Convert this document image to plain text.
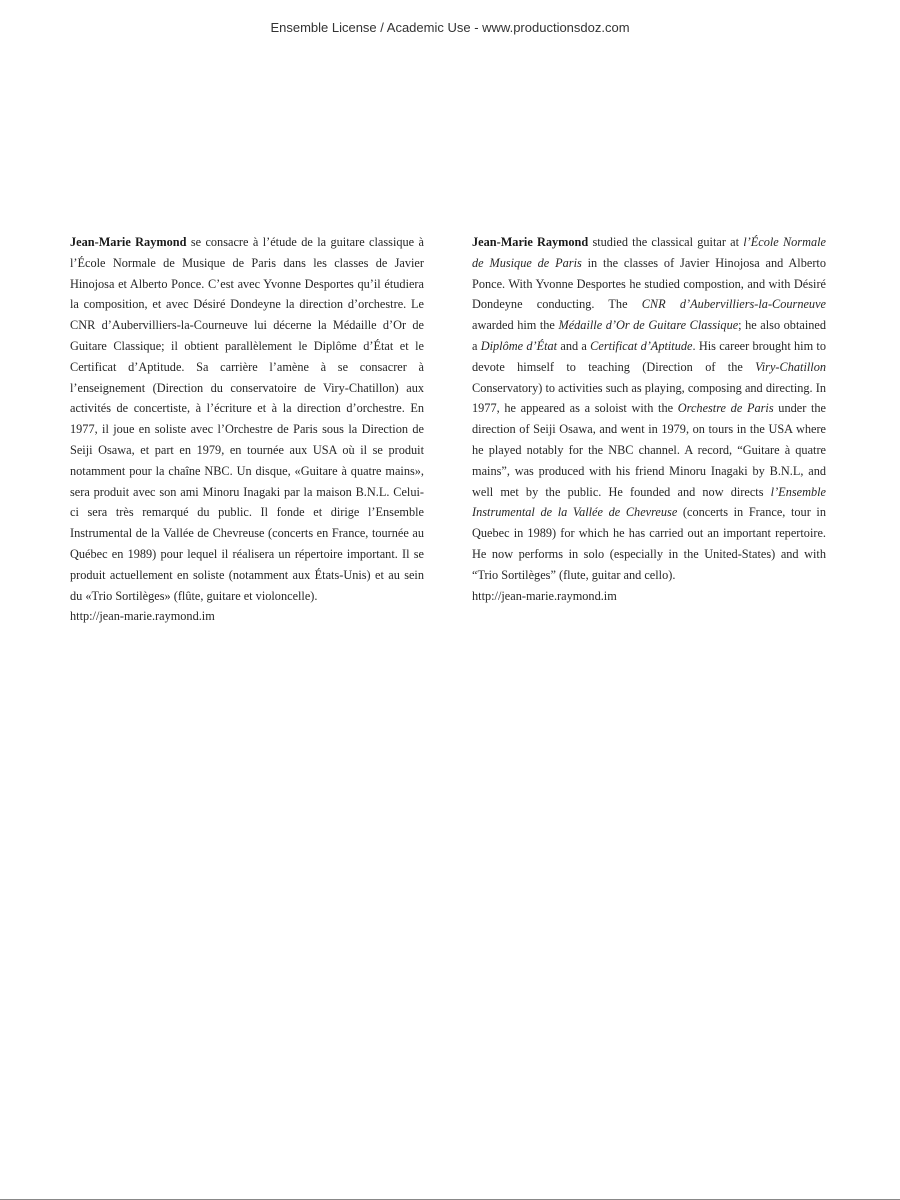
Ensemble License / Academic Use - www.productionsdoz.com

Jean-Marie Raymond se consacre à l’étude de la guitare classique à l’École Normale de Musique de Paris dans les classes de Javier Hinojosa et Alberto Ponce. C’est avec Yvonne Desportes qu’il étudiera la composition, et avec Désiré Dondeyne la direction d’orchestre. Le CNR d’Aubervilliers-la-Courneuve lui décerne la Médaille d’Or de Guitare Classique; il obtient parallèlement le Diplôme d’État et le Certificat d’Aptitude. Sa carrière l’amène à se consacrer à l’enseignement (Direction du conservatoire de Viry-Chatillon) aux activités de concertiste, à l’écriture et à la direction d’orchestre. En 1977, il joue en soliste avec l’Orchestre de Paris sous la Direction de Seiji Osawa, et part en 1979, en tournée aux USA où il se produit notamment pour la chaîne NBC. Un disque, «Guitare à quatre mains», sera produit avec son ami Minoru Inagaki par la maison B.N.L. Celui-ci sera très remarqué du public. Il fonde et dirige l’Ensemble Instrumental de la Vallée de Chevreuse (concerts en France, tournée au Québec en 1989) pour lequel il réalisera un répertoire important. Il se produit actuellement en soliste (notamment aux États-Unis) et au sein du «Trio Sortilèges» (flûte, guitare et violoncelle).

http://jean-marie.raymond.im

Jean-Marie Raymond studied the classical guitar at l’École Normale de Musique de Paris in the classes of Javier Hinojosa and Alberto Ponce. With Yvonne Desportes he studied compostion, and with Désiré Dondeyne conducting. The CNR d’Aubervilliers-la-Courneuve awarded him the Médaille d’Or de Guitare Classique; he also obtained a Diplôme d’État and a Certificat d’Aptitude. His career brought him to devote himself to teaching (Direction of the Viry-Chatillon Conservatory) to activities such as playing, composing and directing. In 1977, he appeared as a soloist with the Orchestre de Paris under the direction of Seiji Osawa, and went in 1979, on tours in the USA where he played notably for the NBC channel. A record, “Guitare à quatre mains”, was produced with his friend Minoru Inagaki by B.N.L, and well met by the public. He founded and now directs l’Ensemble Instrumental de la Vallée de Chevreuse (concerts in France, tour in Quebec in 1989) for which he has carried out an important repertoire. He now performs in solo (especially in the United-States) and with “Trio Sortilèges” (flute, guitar and cello).

http://jean-marie.raymond.im
